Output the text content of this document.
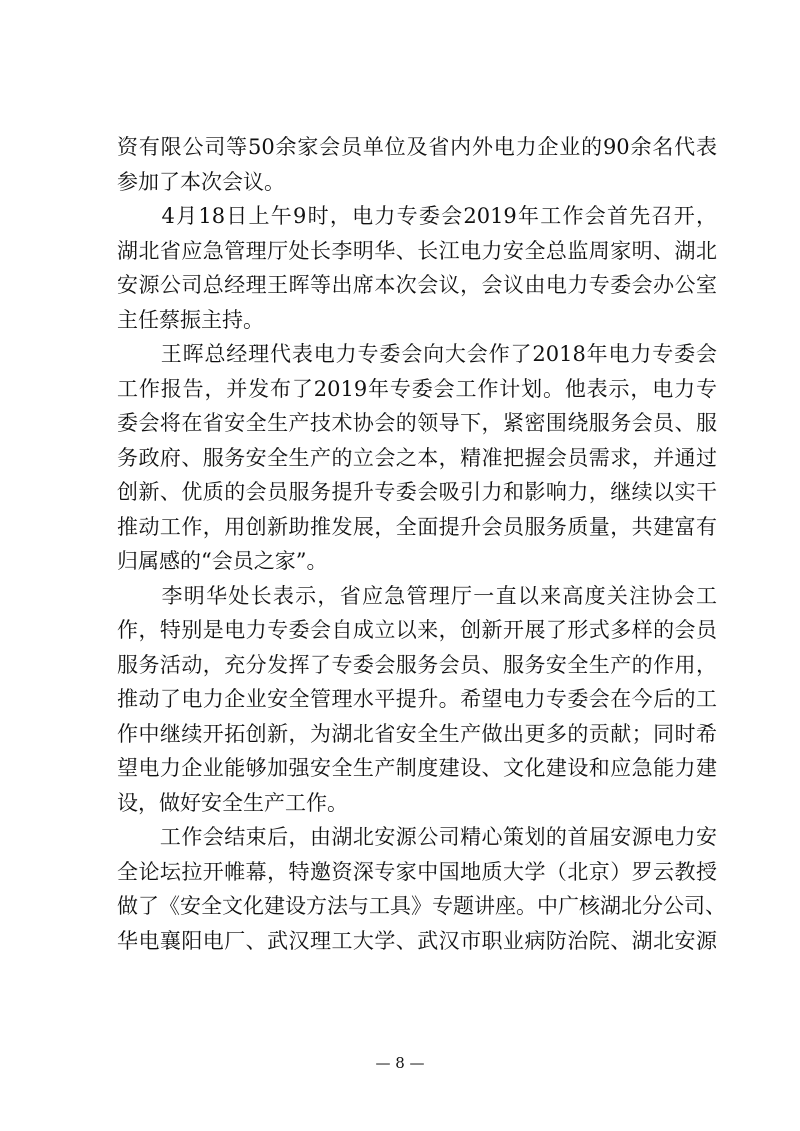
资有限公司等50余家会员单位及省内外电力企业的90余名代表
参加了本次会议。
　　4月18日上午9时，电力专委会2019年工作会首先召开，
湖北省应急管理厅处长李明华、长江电力安全总监周家明、湖北
安源公司总经理王晖等出席本次会议，会议由电力专委会办公室
主任蔡振主持。
　　王晖总经理代表电力专委会向大会作了2018年电力专委会
工作报告，并发布了2019年专委会工作计划。他表示，电力专
委会将在省安全生产技术协会的领导下，紧密围绕服务会员、服
务政府、服务安全生产的立会之本，精准把握会员需求，并通过
创新、优质的会员服务提升专委会吸引力和影响力，继续以实干
推动工作，用创新助推发展，全面提升会员服务质量，共建富有
归属感的“会员之家”。
　　李明华处长表示，省应急管理厅一直以来高度关注协会工
作，特别是电力专委会自成立以来，创新开展了形式多样的会员
服务活动，充分发挥了专委会服务会员、服务安全生产的作用，
推动了电力企业安全管理水平提升。希望电力专委会在今后的工
作中继续开拓创新，为湖北省安全生产做出更多的贡献；同时希
望电力企业能够加强安全生产制度建设、文化建设和应急能力建
设，做好安全生产工作。
　　工作会结束后，由湖北安源公司精心策划的首届安源电力安
全论坛拉开帷幕，特邀资深专家中国地质大学（北京）罗云教授
做了《安全文化建设方法与工具》专题讲座。中广核湖北分公司、
华电襄阳电厂、武汉理工大学、武汉市职业病防治院、湖北安源
— 8 —
